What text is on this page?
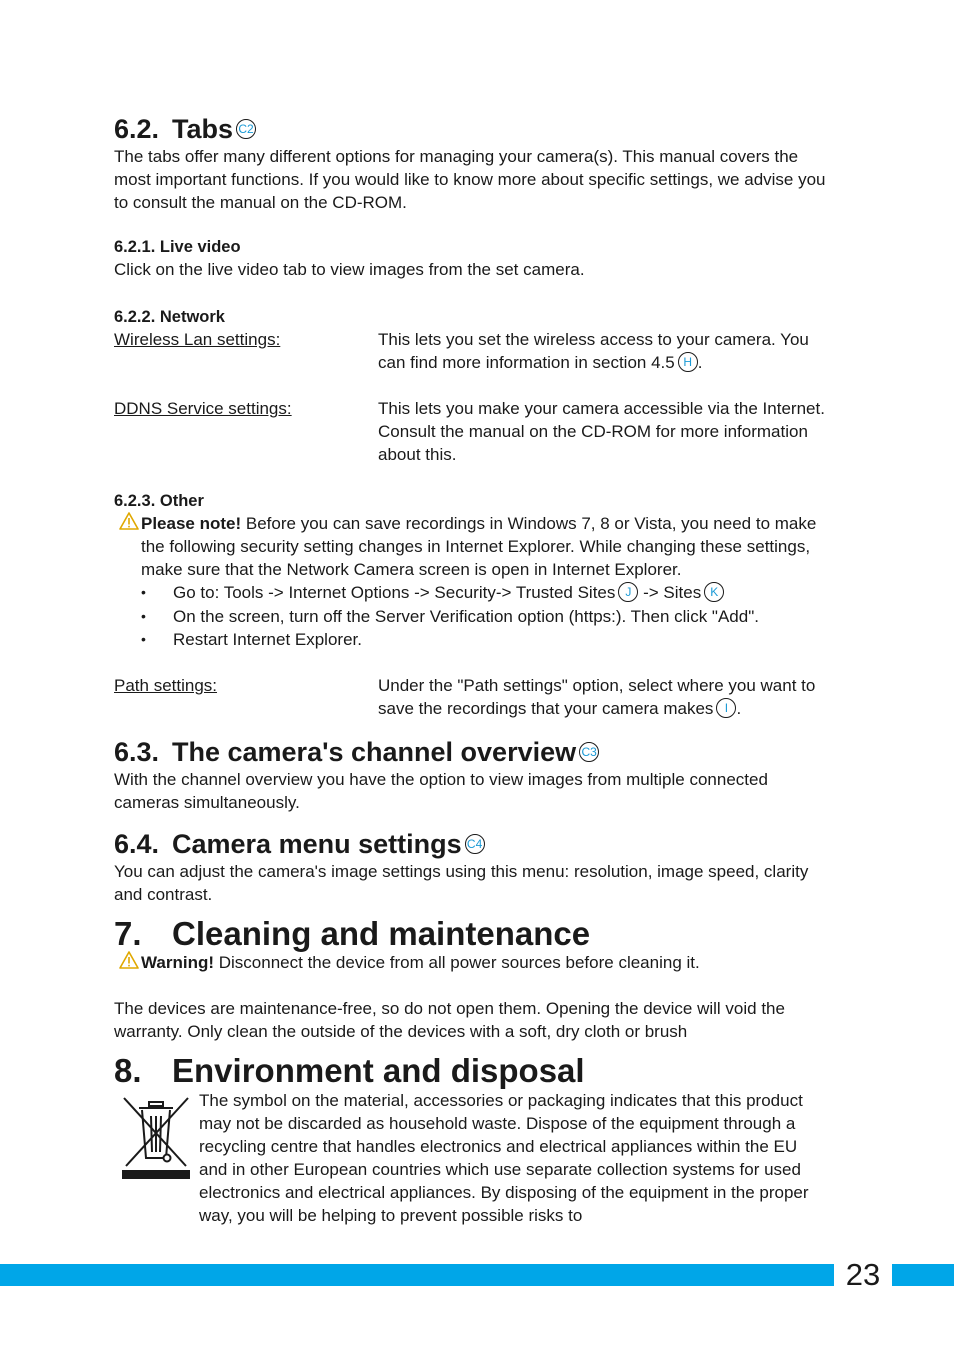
6.2. Tabs C2

The tabs offer many different options for managing your camera(s). This manual covers the most important functions. If you would like to know more about specific settings, we advise you to consult the manual on the CD-ROM.

6.2.1. Live video

Click on the live video tab to view images from the set camera.

6.2.2. Network
Wireless Lan settings:	This lets you set the wireless access to your camera. You can find more information in section 4.5 H .
DDNS Service settings:	This lets you make your camera accessible via the Internet. Consult the manual on the CD-ROM for more information about this.
6.2.3. Other
Please note! Before you can save recordings in Windows 7, 8 or Vista, you need to make the following security setting changes in Internet Explorer. While changing these settings, make sure that the Network Camera screen is open in Internet Explorer.
• Go to: Tools -> Internet Options -> Security-> Trusted Sites J -> Sites K
• On the screen, turn off the Server Verification option (https:). Then click "Add".
• Restart Internet Explorer.
Path settings:	Under the "Path settings" option, select where you want to save the recordings that your camera makes I .
6.3. The camera's channel overview C3

With the channel overview you have the option to view images from multiple connected cameras simultaneously.

6.4. Camera menu settings C4

You can adjust the camera's image settings using this menu: resolution, image speed, clarity and contrast.

7. Cleaning and maintenance
Warning! Disconnect the device from all power sources before cleaning it.

The devices are maintenance-free, so do not open them. Opening the device will void the warranty. Only clean the outside of the devices with a soft, dry cloth or brush

8. Environment and disposal

The symbol on the material, accessories or packaging indicates that this product may not be discarded as household waste. Dispose of the equipment through a recycling centre that handles electronics and electrical appliances within the EU and in other European countries which use separate collection systems for used electronics and electrical appliances. By disposing of the equipment in the proper way, you will be helping to prevent possible risks to

23
